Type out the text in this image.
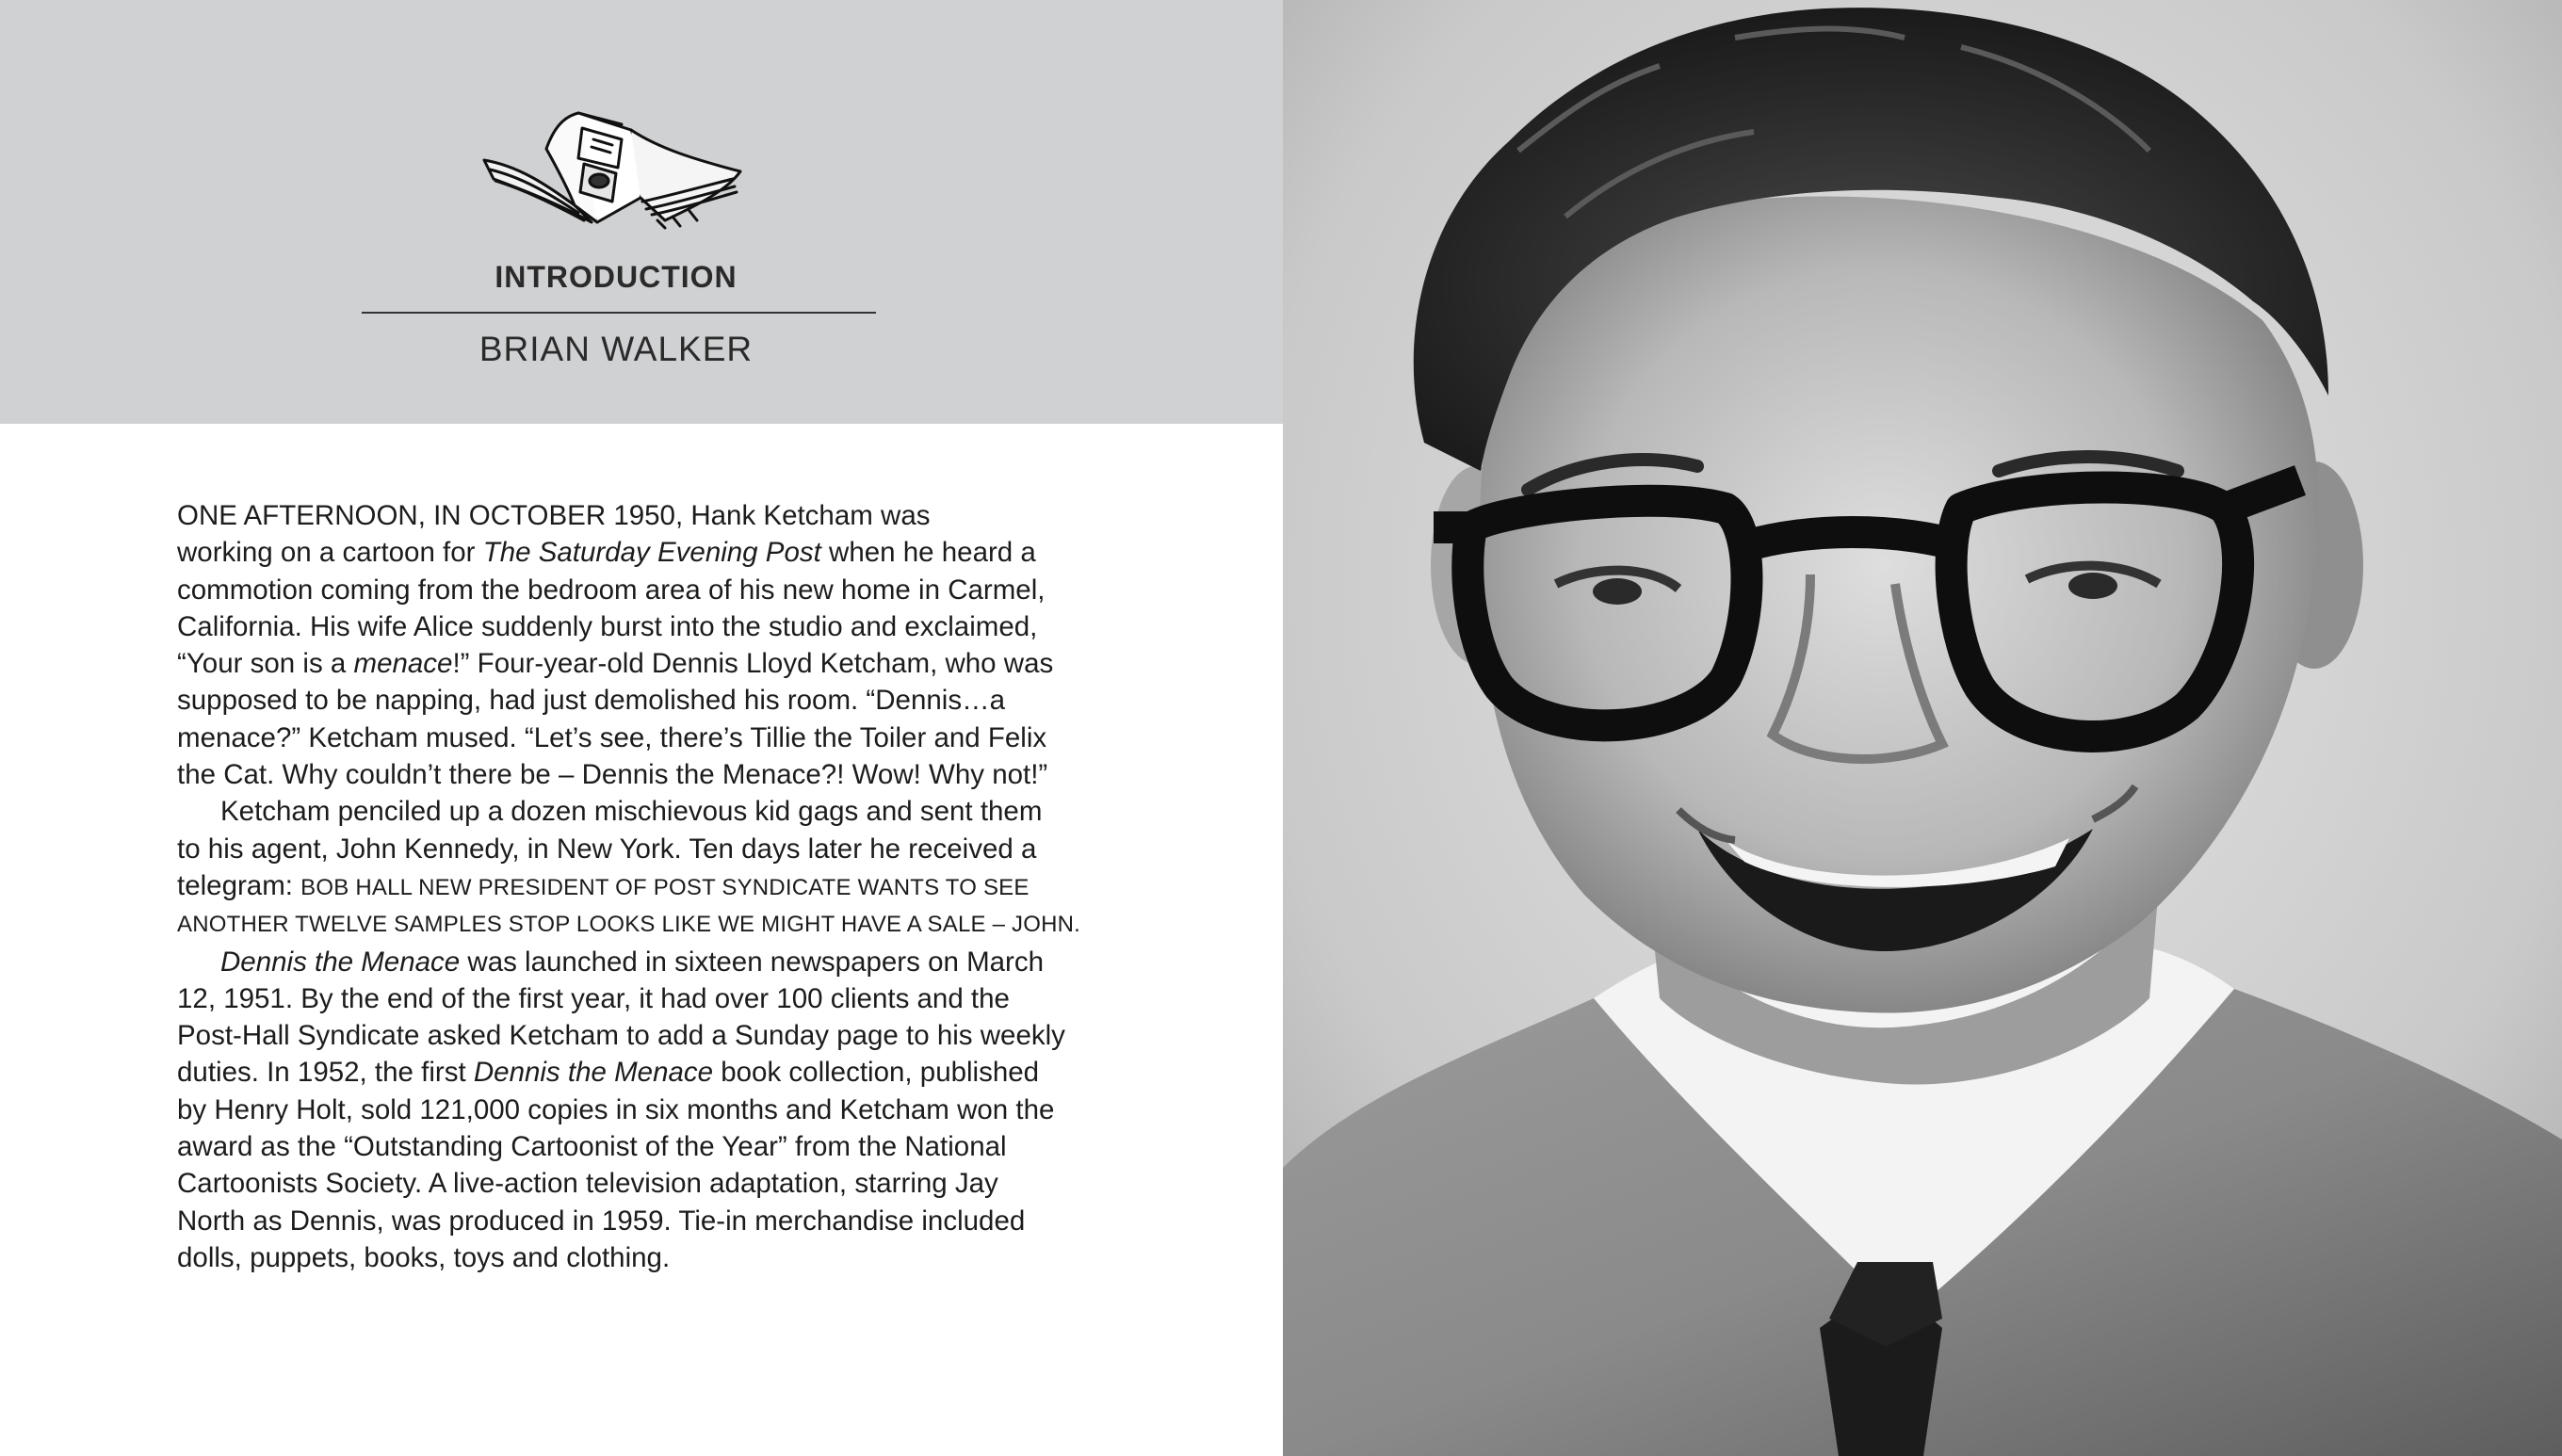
INTRODUCTION
BRIAN WALKER
ONE AFTERNOON, IN OCTOBER 1950, Hank Ketcham was
working on a cartoon for The Saturday Evening Post when he heard a
commotion coming from the bedroom area of his new home in Carmel,
California. His wife Alice suddenly burst into the studio and exclaimed,
“Your son is a menace!” Four-year-old Dennis Lloyd Ketcham, who was
supposed to be napping, had just demolished his room. “Dennis…a
menace?” Ketcham mused. “Let’s see, there’s Tillie the Toiler and Felix
the Cat. Why couldn’t there be – Dennis the Menace?! Wow! Why not!”
Ketcham penciled up a dozen mischievous kid gags and sent them
to his agent, John Kennedy, in New York. Ten days later he received a
telegram: BOB HALL NEW PRESIDENT OF POST SYNDICATE WANTS TO SEE
ANOTHER TWELVE SAMPLES STOP LOOKS LIKE WE MIGHT HAVE A SALE – JOHN.
Dennis the Menace was launched in sixteen newspapers on March
12, 1951. By the end of the first year, it had over 100 clients and the
Post-Hall Syndicate asked Ketcham to add a Sunday page to his weekly
duties. In 1952, the first Dennis the Menace book collection, published
by Henry Holt, sold 121,000 copies in six months and Ketcham won the
award as the “Outstanding Cartoonist of the Year” from the National
Cartoonists Society. A live-action television adaptation, starring Jay
North as Dennis, was produced in 1959. Tie-in merchandise included
dolls, puppets, books, toys and clothing.
